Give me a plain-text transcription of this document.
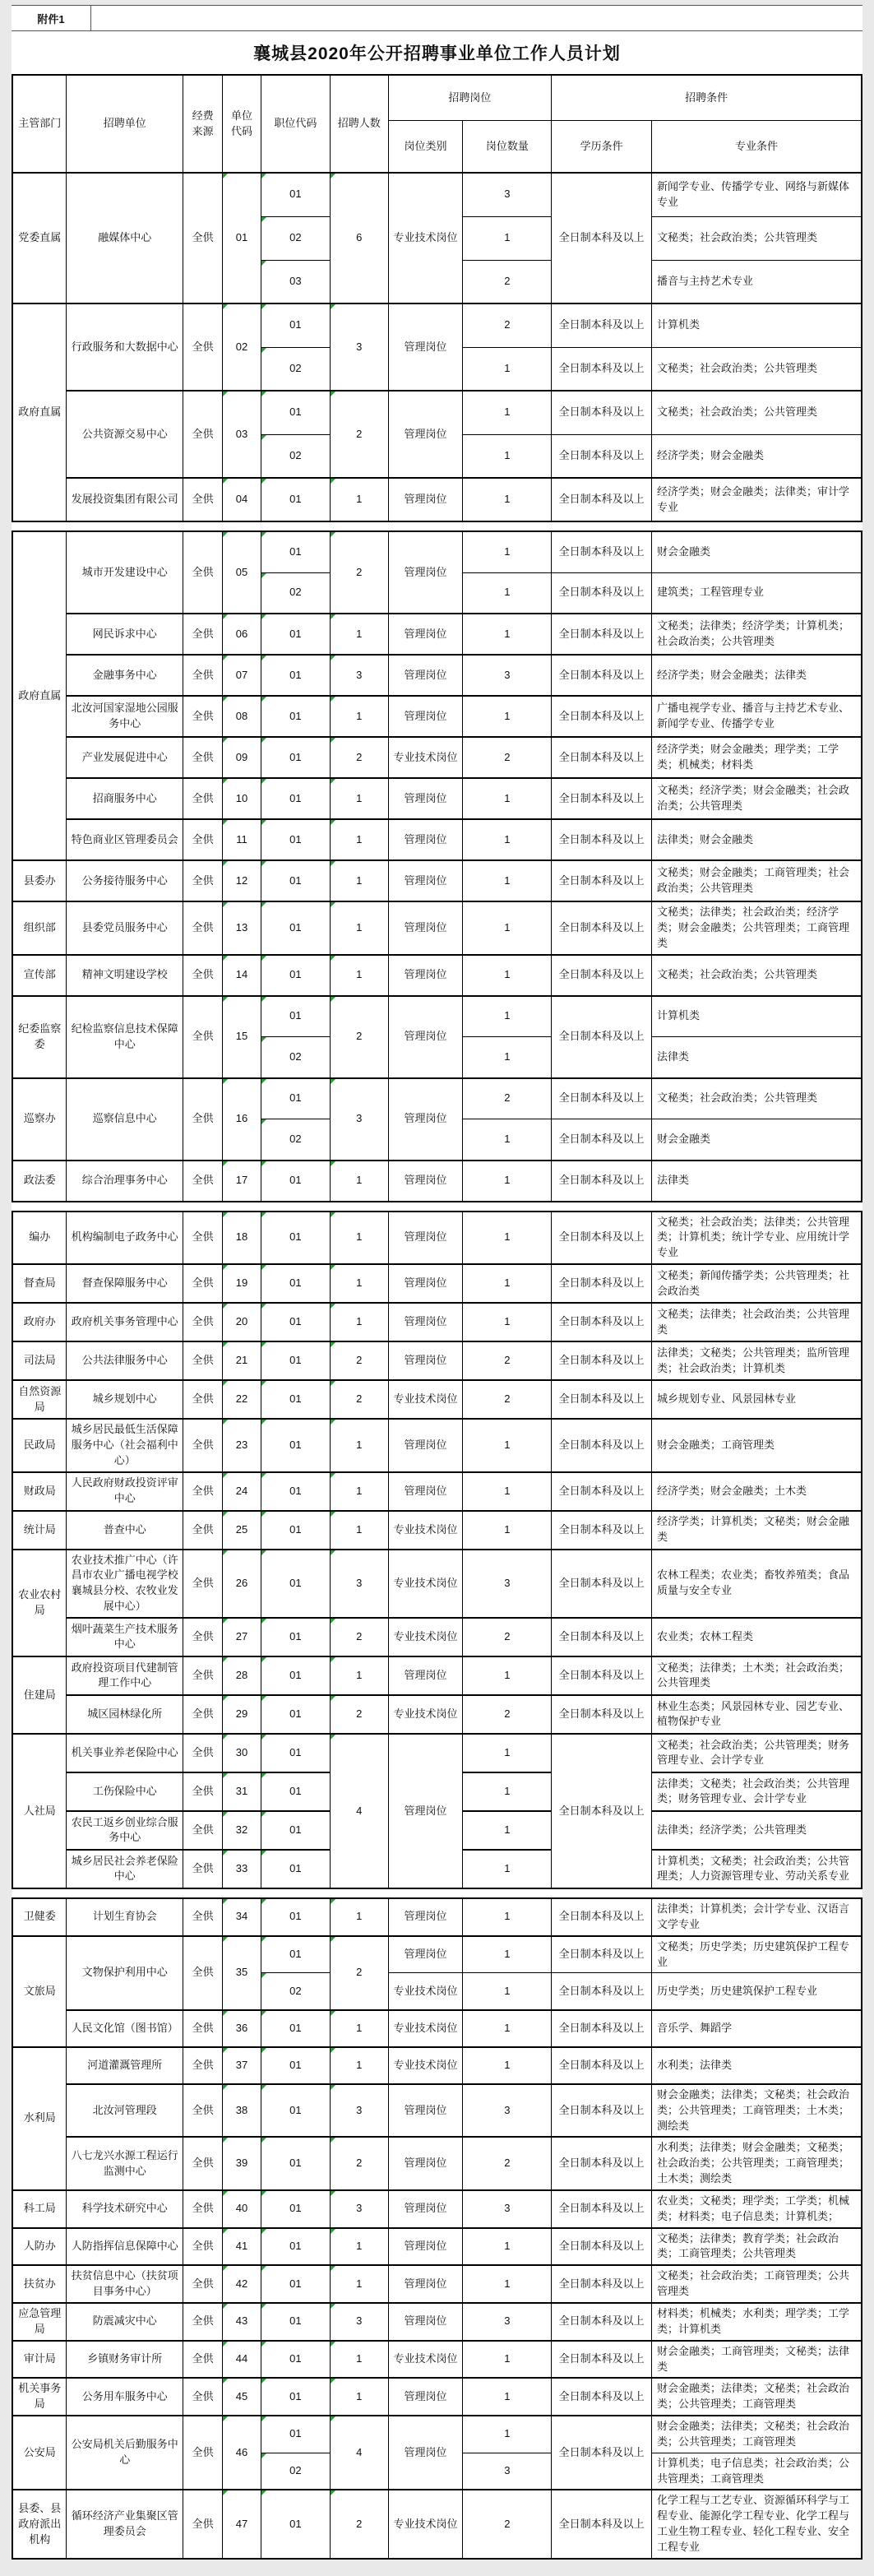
附件1
襄城县2020年公开招聘事业单位工作人员计划
主管部门	招聘单位	经费来源	单位代码	职位代码	招聘人数	招聘岗位		招聘条件	
						岗位类别	岗位数量	学历条件	专业条件
党委直属	融媒体中心	全供	01	01	6	专业技术岗位	3	全日制本科及以上	新闻学专业、传播学专业、网络与新媒体专业
				02			1		文秘类；社会政治类；公共管理类
				03			2		播音与主持艺术专业
政府直属	行政服务和大数据中心	全供	02	01	3	管理岗位	2	全日制本科及以上	计算机类
				02			1	全日制本科及以上	文秘类；社会政治类；公共管理类
	公共资源交易中心	全供	03	01	2	管理岗位	1	全日制本科及以上	文秘类；社会政治类；公共管理类
				02			1	全日制本科及以上	经济学类；财会金融类
	发展投资集团有限公司	全供	04	01	1	管理岗位	1	全日制本科及以上	经济学类；财会金融类；法律类；审计学专业
政府直属	城市开发建设中心	全供	05	01	2	管理岗位	1	全日制本科及以上	财会金融类
				02			1	全日制本科及以上	建筑类；工程管理专业
	网民诉求中心	全供	06	01	1	管理岗位	1	全日制本科及以上	文秘类；法律类；经济学类；计算机类；社会政治类；公共管理类
	金融事务中心	全供	07	01	3	管理岗位	3	全日制本科及以上	经济学类；财会金融类；法律类
	北汝河国家湿地公园服务中心	全供	08	01	1	管理岗位	1	全日制本科及以上	广播电视学专业、播音与主持艺术专业、新闻学专业、传播学专业
	产业发展促进中心	全供	09	01	2	专业技术岗位	2	全日制本科及以上	经济学类；财会金融类；理学类；工学类；机械类；材料类
	招商服务中心	全供	10	01	1	管理岗位	1	全日制本科及以上	文秘类；经济学类；财会金融类；社会政治类；公共管理类
	特色商业区管理委员会	全供	11	01	1	管理岗位	1	全日制本科及以上	法律类；财会金融类
县委办	公务接待服务中心	全供	12	01	1	管理岗位	1	全日制本科及以上	文秘类；财会金融类；工商管理类；社会政治类；公共管理类
组织部	县委党员服务中心	全供	13	01	1	管理岗位	1	全日制本科及以上	文秘类；法律类；社会政治类；经济学类；财会金融类；公共管理类；工商管理类
宣传部	精神文明建设学校	全供	14	01	1	管理岗位	1	全日制本科及以上	文秘类；社会政治类；公共管理类
纪委监察委	纪检监察信息技术保障中心	全供	15	01	2	管理岗位	1	全日制本科及以上	计算机类
				02			1		法律类
巡察办	巡察信息中心	全供	16	01	3	管理岗位	2	全日制本科及以上	文秘类；社会政治类；公共管理类
				02			1	全日制本科及以上	财会金融类
政法委	综合治理事务中心	全供	17	01	1	管理岗位	1	全日制本科及以上	法律类
编办	机构编制电子政务中心	全供	18	01	1	管理岗位	1	全日制本科及以上	文秘类；社会政治类；法律类；公共管理类；计算机类；统计学专业、应用统计学专业
督查局	督查保障服务中心	全供	19	01	1	管理岗位	1	全日制本科及以上	文秘类；新闻传播学类；公共管理类；社会政治类
政府办	政府机关事务管理中心	全供	20	01	1	管理岗位	1	全日制本科及以上	文秘类；法律类；社会政治类；公共管理类
司法局	公共法律服务中心	全供	21	01	2	管理岗位	2	全日制本科及以上	法律类；文秘类；公共管理类；监所管理类；社会政治类；计算机类
自然资源局	城乡规划中心	全供	22	01	2	专业技术岗位	2	全日制本科及以上	城乡规划专业、风景园林专业
民政局	城乡居民最低生活保障服务中心（社会福利中心）	全供	23	01	1	管理岗位	1	全日制本科及以上	财会金融类；工商管理类
财政局	人民政府财政投资评审中心	全供	24	01	1	管理岗位	1	全日制本科及以上	经济学类；财会金融类；土木类
统计局	普查中心	全供	25	01	1	专业技术岗位	1	全日制本科及以上	经济学类；计算机类；文秘类；财会金融类
农业农村局	农业技术推广中心（许昌市农业广播电视学校襄城县分校、农牧业发展中心）	全供	26	01	3	专业技术岗位	3	全日制本科及以上	农林工程类；农业类；畜牧养殖类；食品质量与安全专业
	烟叶蔬菜生产技术服务中心	全供	27	01	2	专业技术岗位	2	全日制本科及以上	农业类；农林工程类
住建局	政府投资项目代建制管理工作中心	全供	28	01	1	管理岗位	1	全日制本科及以上	文秘类；法律类；土木类；社会政治类；公共管理类
	城区园林绿化所	全供	29	01	2	专业技术岗位	2	全日制本科及以上	林业生态类；风景园林专业、园艺专业、植物保护专业
人社局	机关事业养老保险中心	全供	30	01	4	管理岗位	1	全日制本科及以上	文秘类；社会政治类；公共管理类；财务管理专业、会计学专业
	工伤保险中心	全供	31	01			1		法律类；文秘类；社会政治类；公共管理类；财务管理专业、会计学专业
	农民工返乡创业综合服务中心	全供	32	01			1		法律类；经济学类；公共管理类
	城乡居民社会养老保险中心	全供	33	01			1		计算机类；文秘类；社会政治类；公共管理类；人力资源管理专业、劳动关系专业
卫健委	计划生育协会	全供	34	01	1	管理岗位	1	全日制本科及以上	法律类；计算机类；会计学专业、汉语言文学专业
文旅局	文物保护利用中心	全供	35	01	2	管理岗位	1	全日制本科及以上	文秘类；历史学类；历史建筑保护工程专业
				02		专业技术岗位	1	全日制本科及以上	历史学类；历史建筑保护工程专业
	人民文化馆（图书馆）	全供	36	01	1	专业技术岗位	1	全日制本科及以上	音乐学、舞蹈学
水利局	河道灌溉管理所	全供	37	01	1	专业技术岗位	1	全日制本科及以上	水利类；法律类
	北汝河管理段	全供	38	01	3	管理岗位	3	全日制本科及以上	财会金融类；法律类；文秘类；社会政治类；公共管理类；工商管理类；土木类；测绘类
	八七龙兴水源工程运行监测中心	全供	39	01	2	管理岗位	2	全日制本科及以上	水利类；法律类；财会金融类；文秘类；社会政治类；公共管理类；工商管理类；土木类；测绘类
科工局	科学技术研究中心	全供	40	01	3	管理岗位	3	全日制本科及以上	农业类；文秘类；理学类；工学类；机械类；材料类；电子信息类；计算机类；
人防办	人防指挥信息保障中心	全供	41	01	1	管理岗位	1	全日制本科及以上	文秘类；法律类；教育学类；社会政治类；工商管理类；公共管理类
扶贫办	扶贫信息中心（扶贫项目事务中心）	全供	42	01	1	管理岗位	1	全日制本科及以上	文秘类；社会政治类；工商管理类；公共管理类
应急管理局	防震减灾中心	全供	43	01	3	管理岗位	3	全日制本科及以上	材料类；机械类；水利类；理学类；工学类；计算机类
审计局	乡镇财务审计所	全供	44	01	1	专业技术岗位	1	全日制本科及以上	财会金融类；工商管理类；文秘类；法律类
机关事务局	公务用车服务中心	全供	45	01	1	管理岗位	1	全日制本科及以上	财会金融类；法律类；文秘类；社会政治类；公共管理类；工商管理类
公安局	公安局机关后勤服务中心	全供	46	01	4	管理岗位	1	全日制本科及以上	财会金融类；法律类；文秘类；社会政治类；公共管理类；工商管理类
				02			3		计算机类；电子信息类；社会政治类；公共管理类；工商管理类
县委、县政府派出机构	循环经济产业集聚区管理委员会	全供	47	01	2	专业技术岗位	2	全日制本科及以上	化学工程与工艺专业、资源循环科学与工程专业、能源化学工程专业、化学工程与工业生物工程专业、轻化工程专业、安全工程专业
